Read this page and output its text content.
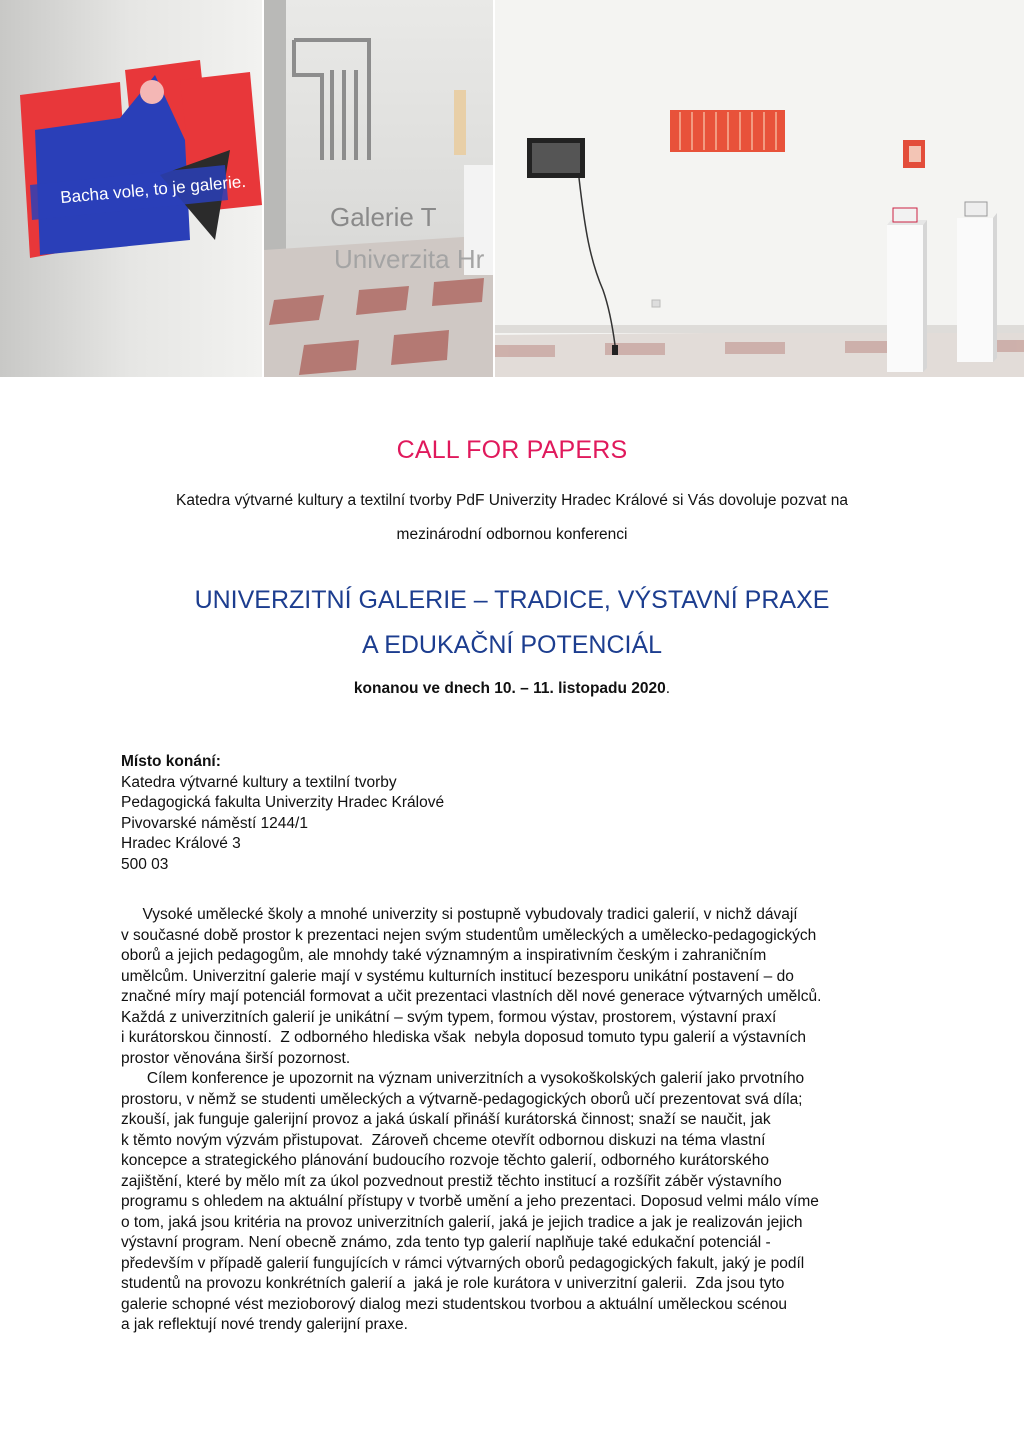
Bacha vole, to je galerie.
Galerie T
Univerzita Hr
CALL FOR PAPERS
Katedra výtvarné kultury a textilní tvorby PdF Univerzity Hradec Králové si Vás dovoluje pozvat na
mezinárodní odbornou konferenci
UNIVERZITNÍ GALERIE – TRADICE, VÝSTAVNÍ PRAXE
A EDUKAČNÍ POTENCIÁL
konanou ve dnech 10. – 11. listopadu 2020.
Místo konání:
Katedra výtvarné kultury a textilní tvorby
Pedagogická fakulta Univerzity Hradec Králové
Pivovarské náměstí 1244/1
Hradec Králové 3
500 03
Vysoké umělecké školy a mnohé univerzity si postupně vybudovaly tradici galerií, v nichž dávají
v současné době prostor k prezentaci nejen svým studentům uměleckých a umělecko-pedagogických
oborů a jejich pedagogům, ale mnohdy také významným a inspirativním českým i zahraničním
umělcům. Univerzitní galerie mají v systému kulturních institucí bezesporu unikátní postavení – do
značné míry mají potenciál formovat a učit prezentaci vlastních děl nové generace výtvarných umělců.
Každá z univerzitních galerií je unikátní – svým typem, formou výstav, prostorem, výstavní praxí
i kurátorskou činností.  Z odborného hlediska však  nebyla doposud tomuto typu galerií a výstavních
prostor věnována širší pozornost.
Cílem konference je upozornit na význam univerzitních a vysokoškolských galerií jako prvotního
prostoru, v němž se studenti uměleckých a výtvarně-pedagogických oborů učí prezentovat svá díla;
zkouší, jak funguje galerijní provoz a jaká úskalí přináší kurátorská činnost; snaží se naučit, jak
k těmto novým výzvám přistupovat.  Zároveň chceme otevřít odbornou diskuzi na téma vlastní
koncepce a strategického plánování budoucího rozvoje těchto galerií, odborného kurátorského
zajištění, které by mělo mít za úkol pozvednout prestiž těchto institucí a rozšířit záběr výstavního
programu s ohledem na aktuální přístupy v tvorbě umění a jeho prezentaci. Doposud velmi málo víme
o tom, jaká jsou kritéria na provoz univerzitních galerií, jaká je jejich tradice a jak je realizován jejich
výstavní program. Není obecně známo, zda tento typ galerií naplňuje také edukační potenciál -
především v případě galerií fungujících v rámci výtvarných oborů pedagogických fakult, jaký je podíl
studentů na provozu konkrétních galerií a  jaká je role kurátora v univerzitní galerii.  Zda jsou tyto
galerie schopné vést mezioborový dialog mezi studentskou tvorbou a aktuální uměleckou scénou
a jak reflektují nové trendy galerijní praxe.
